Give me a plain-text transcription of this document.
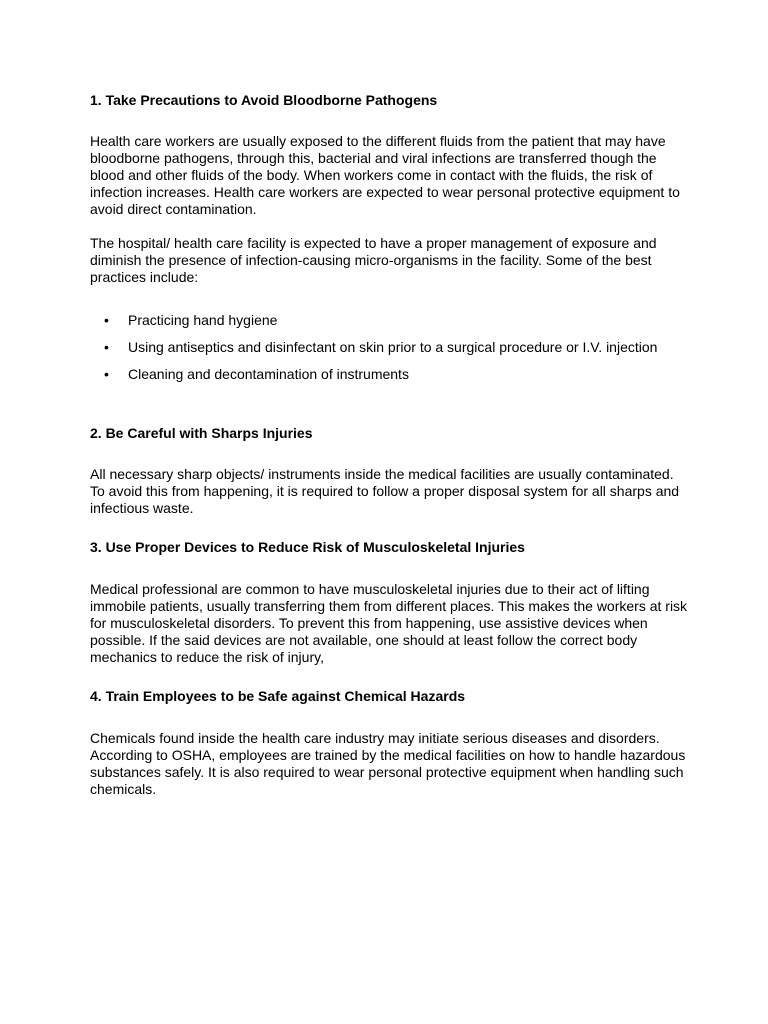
1. Take Precautions to Avoid Bloodborne Pathogens

Health care workers are usually exposed to the different fluids from the patient that may have bloodborne pathogens, through this, bacterial and viral infections are transferred though the blood and other fluids of the body. When workers come in contact with the fluids, the risk of infection increases. Health care workers are expected to wear personal protective equipment to avoid direct contamination.

The hospital/ health care facility is expected to have a proper management of exposure and diminish the presence of infection-causing micro-organisms in the facility. Some of the best practices include:

• Practicing hand hygiene
• Using antiseptics and disinfectant on skin prior to a surgical procedure or I.V. injection
• Cleaning and decontamination of instruments
2. Be Careful with Sharps Injuries

All necessary sharp objects/ instruments inside the medical facilities are usually contaminated. To avoid this from happening, it is required to follow a proper disposal system for all sharps and infectious waste.

3. Use Proper Devices to Reduce Risk of Musculoskeletal Injuries

Medical professional are common to have musculoskeletal injuries due to their act of lifting immobile patients, usually transferring them from different places. This makes the workers at risk for musculoskeletal disorders. To prevent this from happening, use assistive devices when possible. If the said devices are not available, one should at least follow the correct body mechanics to reduce the risk of injury,

4. Train Employees to be Safe against Chemical Hazards

Chemicals found inside the health care industry may initiate serious diseases and disorders. According to OSHA, employees are trained by the medical facilities on how to handle hazardous substances safely. It is also required to wear personal protective equipment when handling such chemicals.
